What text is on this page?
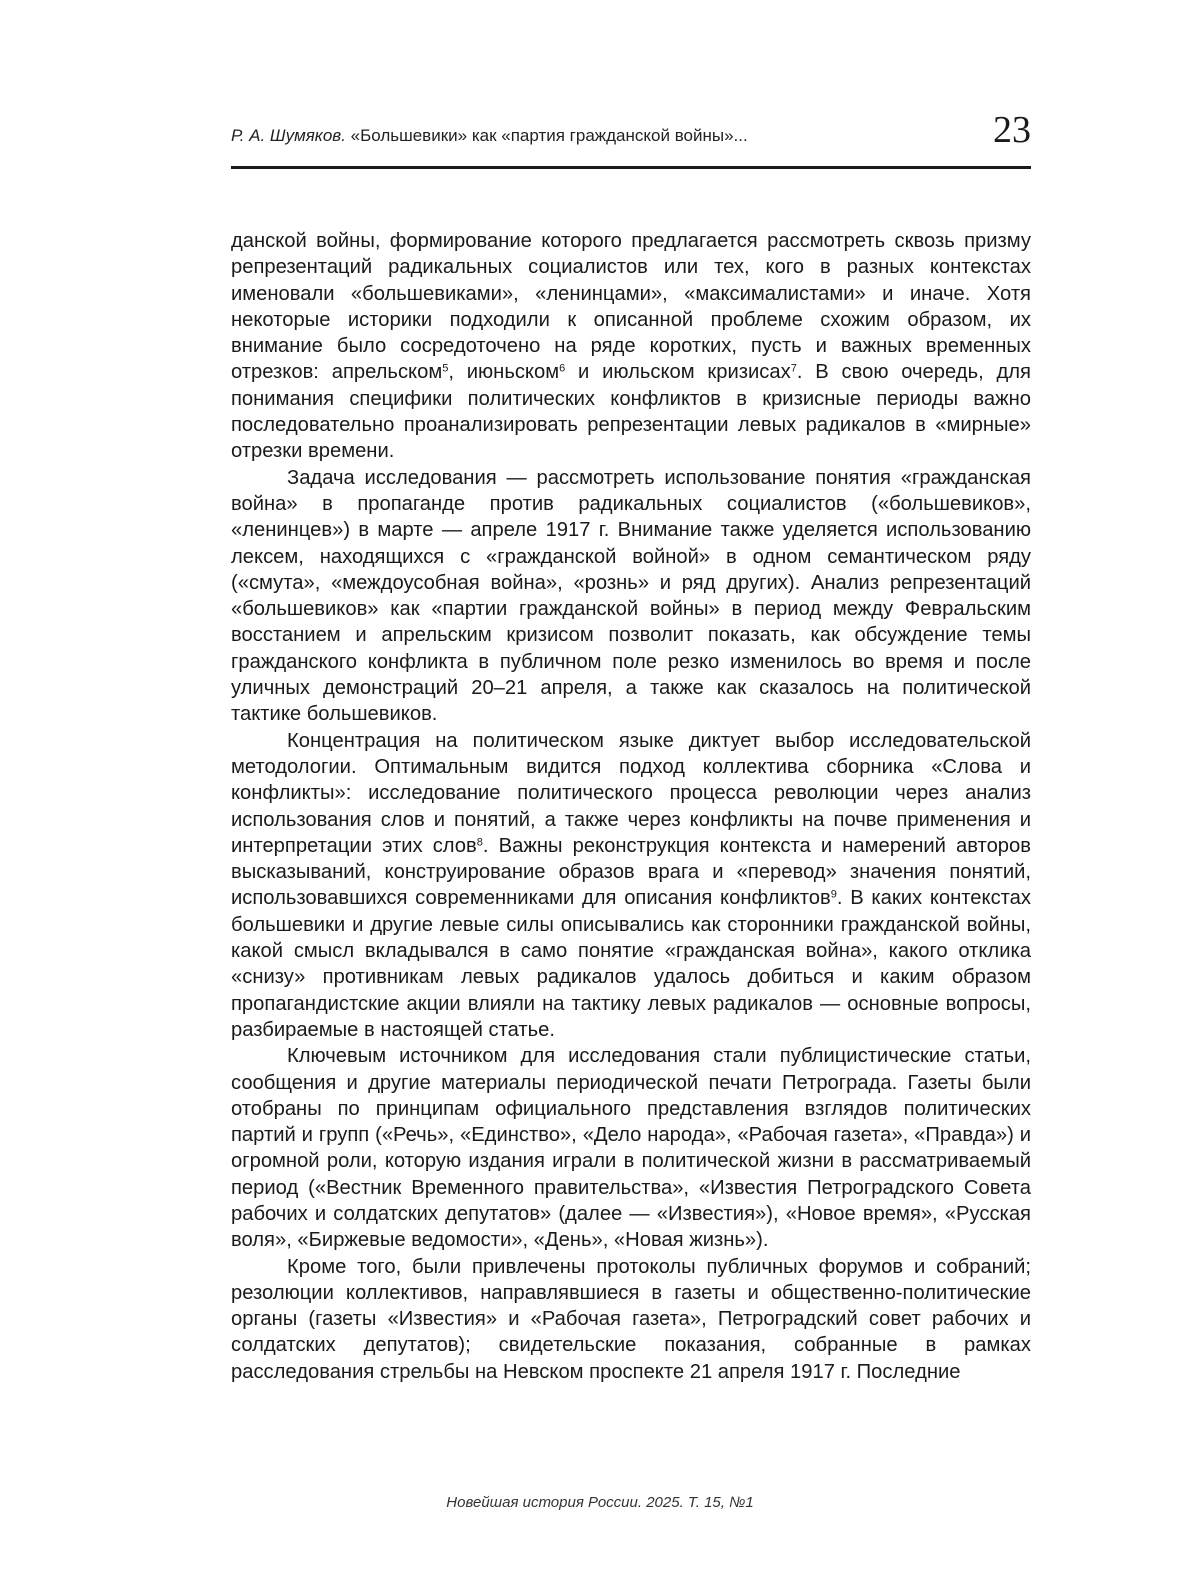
Р. А. Шумяков. «Большевики» как «партия гражданской войны»...	23

данской войны, формирование которого предлагается рассмотреть сквозь призму репрезентаций радикальных социалистов или тех, кого в разных контекстах именовали «большевиками», «ленинцами», «максималистами» и иначе. Хотя некоторые историки подходили к описанной проблеме схожим образом, их внимание было сосредоточено на ряде коротких, пусть и важных временных отрезков: апрельском$^5$, июньском$^6$ и июльском кризисах$^7$. В свою очередь, для понимания специфики политических конфликтов в кризисные периоды важно последовательно проанализировать репрезентации левых радикалов в «мирные» отрезки времени.

Задача исследования — рассмотреть использование понятия «гражданская война» в пропаганде против радикальных социалистов («большевиков», «ленинцев») в марте — апреле 1917 г. Внимание также уделяется использованию лексем, находящихся с «гражданской войной» в одном семантическом ряду («смута», «междоусобная война», «рознь» и ряд других). Анализ репрезентаций «большевиков» как «партии гражданской войны» в период между Февральским восстанием и апрельским кризисом позволит показать, как обсуждение темы гражданского конфликта в публичном поле резко изменилось во время и после уличных демонстраций 20–21 апреля, а также как сказалось на политической тактике большевиков.

Концентрация на политическом языке диктует выбор исследовательской методологии. Оптимальным видится подход коллектива сборника «Слова и конфликты»: исследование политического процесса революции через анализ использования слов и понятий, а также через конфликты на почве применения и интерпретации этих слов$^8$. Важны реконструкция контекста и намерений авторов высказываний, конструирование образов врага и «перевод» значения понятий, использовавшихся современниками для описания конфликтов$^9$. В каких контекстах большевики и другие левые силы описывались как сторонники гражданской войны, какой смысл вкладывался в само понятие «гражданская война», какого отклика «снизу» противникам левых радикалов удалось добиться и каким образом пропагандистские акции влияли на тактику левых радикалов — основные вопросы, разбираемые в настоящей статье.

Ключевым источником для исследования стали публицистические статьи, сообщения и другие материалы периодической печати Петрограда. Газеты были отобраны по принципам официального представления взглядов политических партий и групп («Речь», «Единство», «Дело народа», «Рабочая газета», «Правда») и огромной роли, которую издания играли в политической жизни в рассматриваемый период («Вестник Временного правительства», «Известия Петроградского Совета рабочих и солдатских депутатов» (далее — «Известия»), «Новое время», «Русская воля», «Биржевые ведомости», «День», «Новая жизнь»).

Кроме того, были привлечены протоколы публичных форумов и собраний; резолюции коллективов, направлявшиеся в газеты и общественно-политические органы (газеты «Известия» и «Рабочая газета», Петроградский совет рабочих и солдатских депутатов); свидетельские показания, собранные в рамках расследования стрельбы на Невском проспекте 21 апреля 1917 г. Последние

Новейшая история России. 2025. Т. 15, №1
